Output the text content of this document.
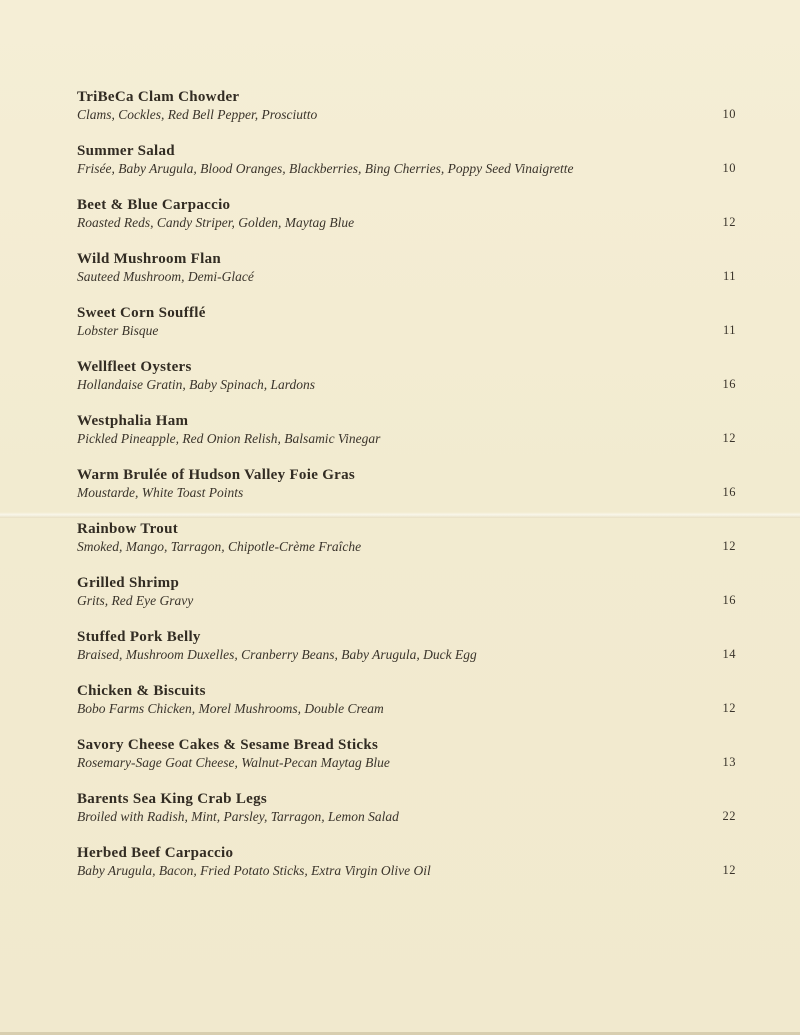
TriBeCa Clam Chowder
Clams, Cockles, Red Bell Pepper, Prosciutto	10
Summer Salad
Frisée, Baby Arugula, Blood Oranges, Blackberries, Bing Cherries, Poppy Seed Vinaigrette	10
Beet & Blue Carpaccio
Roasted Reds, Candy Striper, Golden, Maytag Blue	12
Wild Mushroom Flan
Sauteed Mushroom, Demi-Glacé	11
Sweet Corn Soufflé
Lobster Bisque	11
Wellfleet Oysters
Hollandaise Gratin, Baby Spinach, Lardons	16
Westphalia Ham
Pickled Pineapple, Red Onion Relish, Balsamic Vinegar	12
Warm Brulée of Hudson Valley Foie Gras
Moustarde, White Toast Points	16
Rainbow Trout
Smoked, Mango, Tarragon, Chipotle-Crème Fraîche	12
Grilled Shrimp
Grits, Red Eye Gravy	16
Stuffed Pork Belly
Braised, Mushroom Duxelles, Cranberry Beans, Baby Arugula, Duck Egg	14
Chicken & Biscuits
Bobo Farms Chicken, Morel Mushrooms, Double Cream	12
Savory Cheese Cakes & Sesame Bread Sticks
Rosemary-Sage Goat Cheese, Walnut-Pecan Maytag Blue	13
Barents Sea King Crab Legs
Broiled with Radish, Mint, Parsley, Tarragon, Lemon Salad	22
Herbed Beef Carpaccio
Baby Arugula, Bacon, Fried Potato Sticks, Extra Virgin Olive Oil	12
